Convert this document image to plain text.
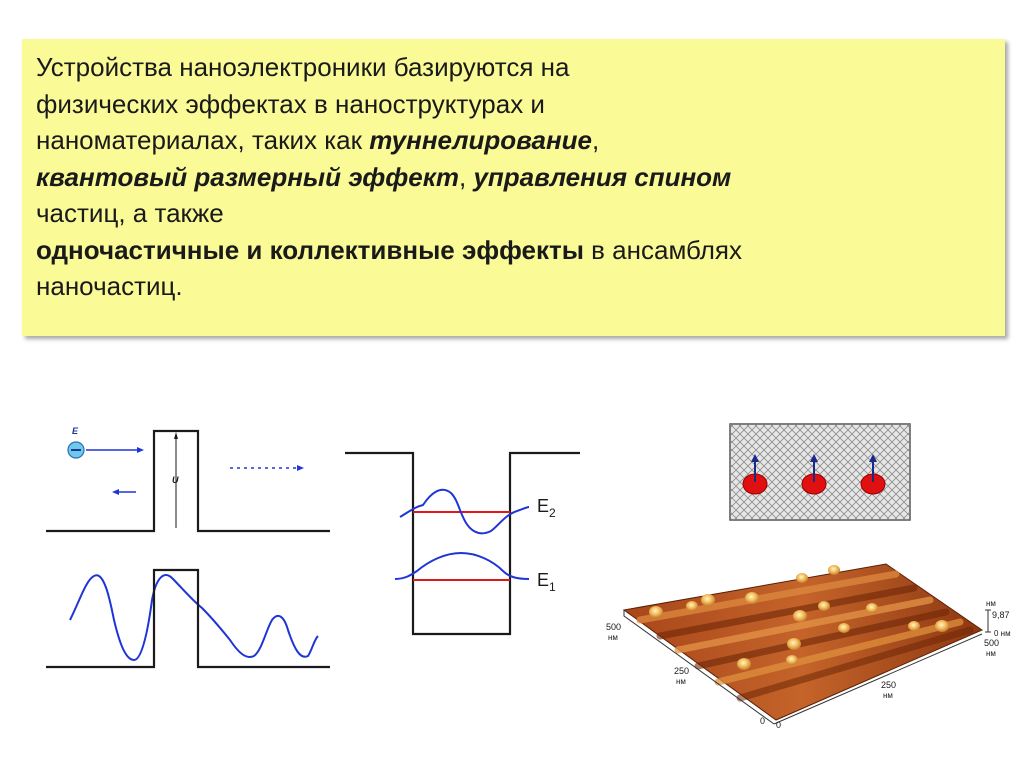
Устройства наноэлектроники базируются на
физических эффектах в наноструктурах и
наноматериалах, таких как туннелирование,
квантовый размерный эффект, управления спином
частиц, а также
одночастичные и коллективные эффекты в ансамблях
наночастиц.

E
U
$E_2$
$E_1$
500
нм
250
нм
0 0
250
нм
500
нм
нм
9,87
0 нм
